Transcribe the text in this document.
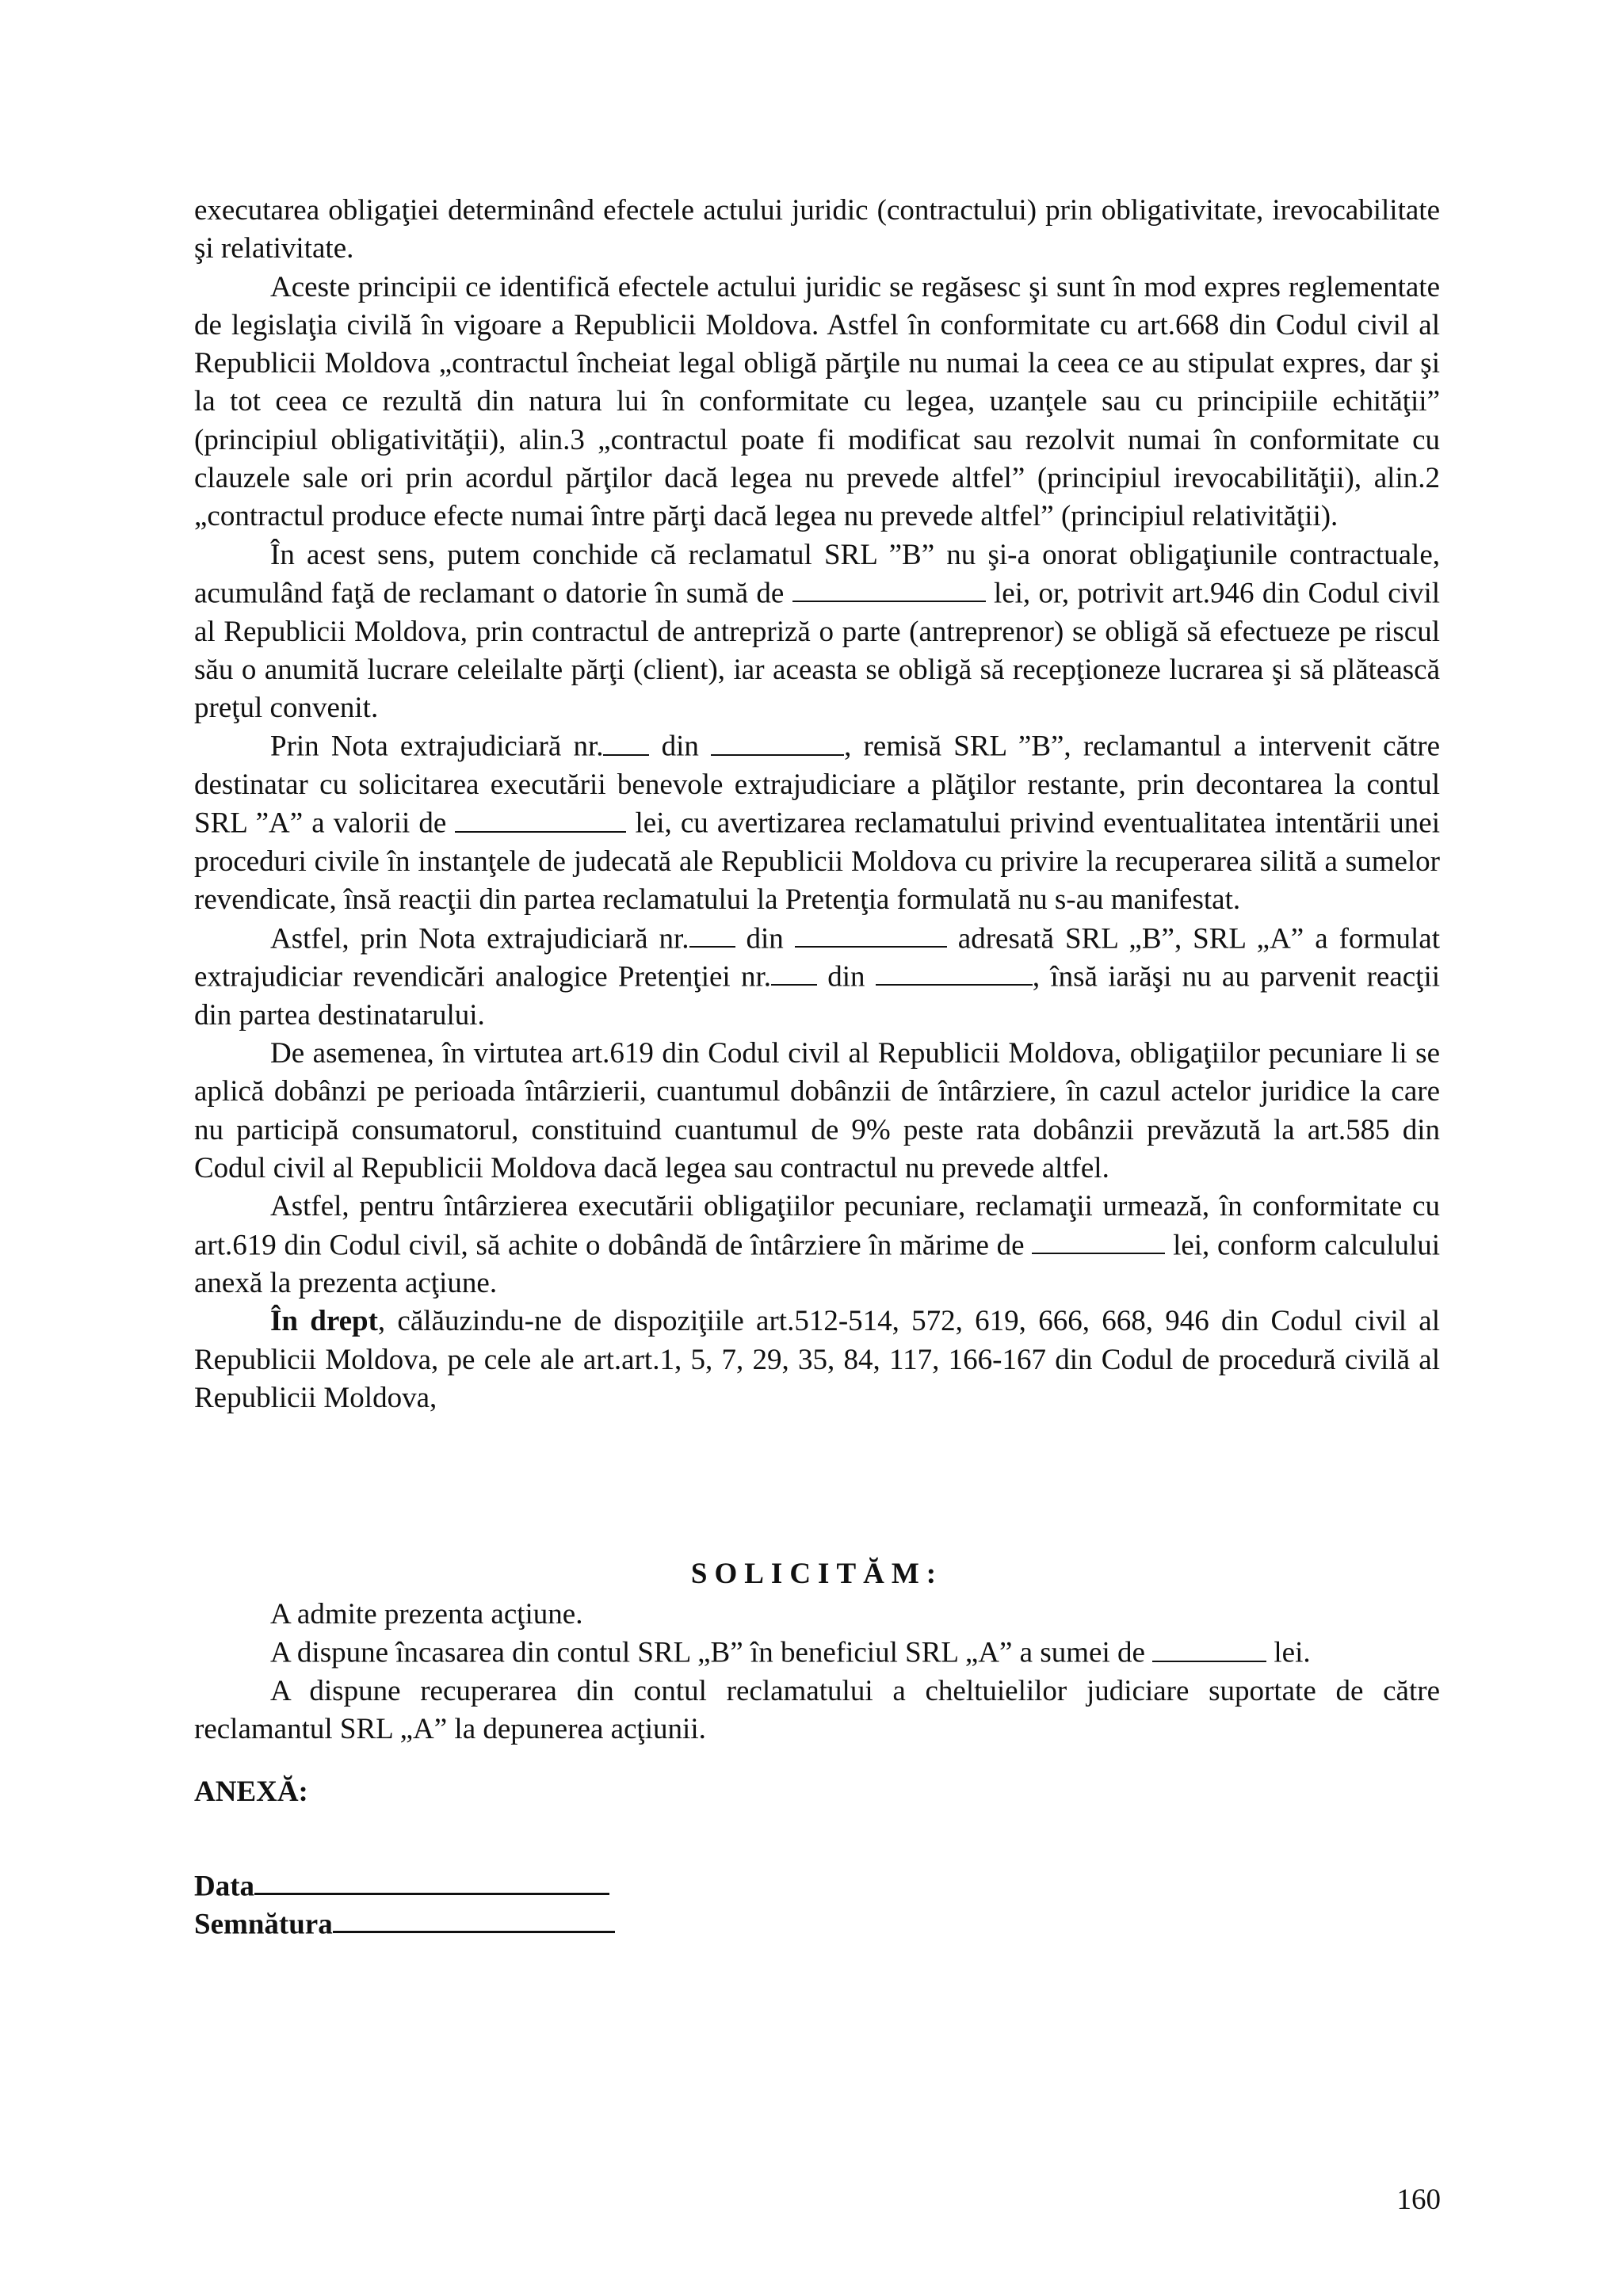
executarea obligaţiei determinând efectele actului juridic (contractului) prin obligativitate, irevocabilitate şi relativitate.

Aceste principii ce identifică efectele actului juridic se regăsesc şi sunt în mod expres reglementate de legislaţia civilă în vigoare a Republicii Moldova. Astfel în conformitate cu art.668 din Codul civil al Republicii Moldova „contractul încheiat legal obligă părţile nu numai la ceea ce au stipulat expres, dar şi la tot ceea ce rezultă din natura lui în conformitate cu legea, uzanţele sau cu principiile echităţii” (principiul obligativităţii), alin.3 „contractul poate fi modificat sau rezolvit numai în conformitate cu clauzele sale ori prin acordul părţilor dacă legea nu prevede altfel” (principiul irevocabilităţii), alin.2 „contractul produce efecte numai între părţi dacă legea nu prevede altfel” (principiul relativităţii).

În acest sens, putem conchide că reclamatul SRL ”B” nu şi-a onorat obligaţiunile contractuale, acumulând faţă de reclamant o datorie în sumă de	lei, or, potrivit art.946 din Codul civil al Republicii Moldova, prin contractul de antrepriză o parte (antreprenor) se obligă să efectueze pe riscul său o anumită lucrare celeilalte părţi (client), iar aceasta se obligă să recepţioneze lucrarea şi să plătească preţul convenit.

Prin Nota extrajudiciară nr. din	, remisă SRL ”B”, reclamantul a intervenit către destinatar cu solicitarea executării benevole extrajudiciare a plăţilor restante, prin decontarea la contul SRL ”A” a valorii de	lei, cu avertizarea reclamatului privind eventualitatea intentării unei proceduri civile în instanţele de judecată ale Republicii Moldova cu privire la recuperarea silită a sumelor revendicate, însă reacţii din partea reclamatului la Pretenţia formulată nu s-au manifestat.

Astfel, prin Nota extrajudiciară nr. din	adresată SRL „B”, SRL „A” a formulat extrajudiciar revendicări analogice Pretenţiei nr. din	, însă iarăşi nu au parvenit reacţii din partea destinatarului.

De asemenea, în virtutea art.619 din Codul civil al Republicii Moldova, obligaţiilor pecuniare li se aplică dobânzi pe perioada întârzierii, cuantumul dobânzii de întârziere, în cazul actelor juridice la care nu participă consumatorul, constituind cuantumul de 9% peste rata dobânzii prevăzută la art.585 din Codul civil al Republicii Moldova dacă legea sau contractul nu prevede altfel.

Astfel, pentru întârzierea executării obligaţiilor pecuniare, reclamaţii urmează, în conformitate cu art.619 din Codul civil, să achite o dobândă de întârziere în mărime de	lei, conform calculului anexă la prezenta acţiune.

În drept, călăuzindu-ne de dispoziţiile art.512-514, 572, 619, 666, 668, 946 din Codul civil al Republicii Moldova, pe cele ale art.art.1, 5, 7, 29, 35, 84, 117, 166-167 din Codul de procedură civilă al Republicii Moldova,

SOLICITĂM:

A admite prezenta acţiune.

A dispune încasarea din contul SRL „B” în beneficiul SRL „A” a sumei de	lei.

A dispune recuperarea din contul reclamatului a cheltuielilor judiciare suportate de către reclamantul SRL „A” la depunerea acţiunii.

ANEXĂ:
Data
Semnătura
160
